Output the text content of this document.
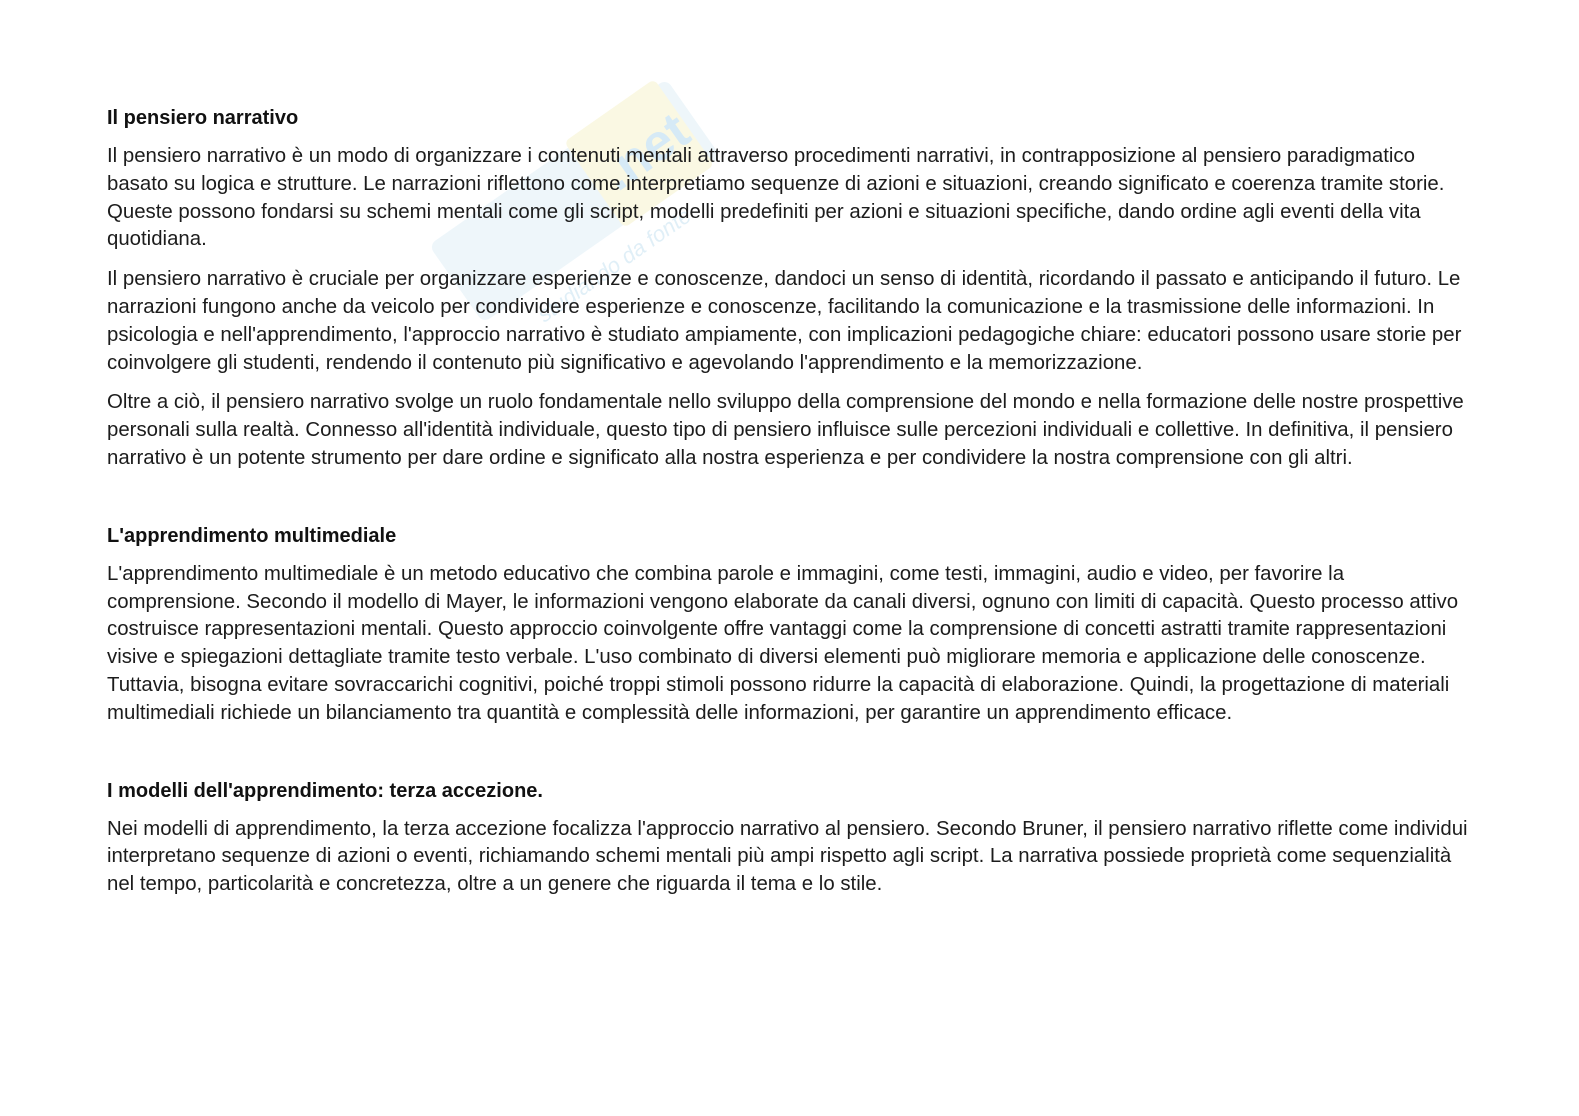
.net
studiando da fonte
Il pensiero narrativo

Il pensiero narrativo è un modo di organizzare i contenuti mentali attraverso procedimenti narrativi, in contrapposizione al pensiero paradigmatico basato su logica e strutture. Le narrazioni riflettono come interpretiamo sequenze di azioni e situazioni, creando significato e coerenza tramite storie. Queste possono fondarsi su schemi mentali come gli script, modelli predefiniti per azioni e situazioni specifiche, dando ordine agli eventi della vita quotidiana.

Il pensiero narrativo è cruciale per organizzare esperienze e conoscenze, dandoci un senso di identità, ricordando il passato e anticipando il futuro. Le narrazioni fungono anche da veicolo per condividere esperienze e conoscenze, facilitando la comunicazione e la trasmissione delle informazioni. In psicologia e nell'apprendimento, l'approccio narrativo è studiato ampiamente, con implicazioni pedagogiche chiare: educatori possono usare storie per coinvolgere gli studenti, rendendo il contenuto più significativo e agevolando l'apprendimento e la memorizzazione.

Oltre a ciò, il pensiero narrativo svolge un ruolo fondamentale nello sviluppo della comprensione del mondo e nella formazione delle nostre prospettive personali sulla realtà. Connesso all'identità individuale, questo tipo di pensiero influisce sulle percezioni individuali e collettive. In definitiva, il pensiero narrativo è un potente strumento per dare ordine e significato alla nostra esperienza e per condividere la nostra comprensione con gli altri.

L'apprendimento multimediale

L'apprendimento multimediale è un metodo educativo che combina parole e immagini, come testi, immagini, audio e video, per favorire la comprensione. Secondo il modello di Mayer, le informazioni vengono elaborate da canali diversi, ognuno con limiti di capacità. Questo processo attivo costruisce rappresentazioni mentali. Questo approccio coinvolgente offre vantaggi come la comprensione di concetti astratti tramite rappresentazioni visive e spiegazioni dettagliate tramite testo verbale. L'uso combinato di diversi elementi può migliorare memoria e applicazione delle conoscenze. Tuttavia, bisogna evitare sovraccarichi cognitivi, poiché troppi stimoli possono ridurre la capacità di elaborazione. Quindi, la progettazione di materiali multimediali richiede un bilanciamento tra quantità e complessità delle informazioni, per garantire un apprendimento efficace.

I modelli dell'apprendimento: terza accezione.

Nei modelli di apprendimento, la terza accezione focalizza l'approccio narrativo al pensiero. Secondo Bruner, il pensiero narrativo riflette come individui interpretano sequenze di azioni o eventi, richiamando schemi mentali più ampi rispetto agli script. La narrativa possiede proprietà come sequenzialità nel tempo, particolarità e concretezza, oltre a un genere che riguarda il tema e lo stile.
